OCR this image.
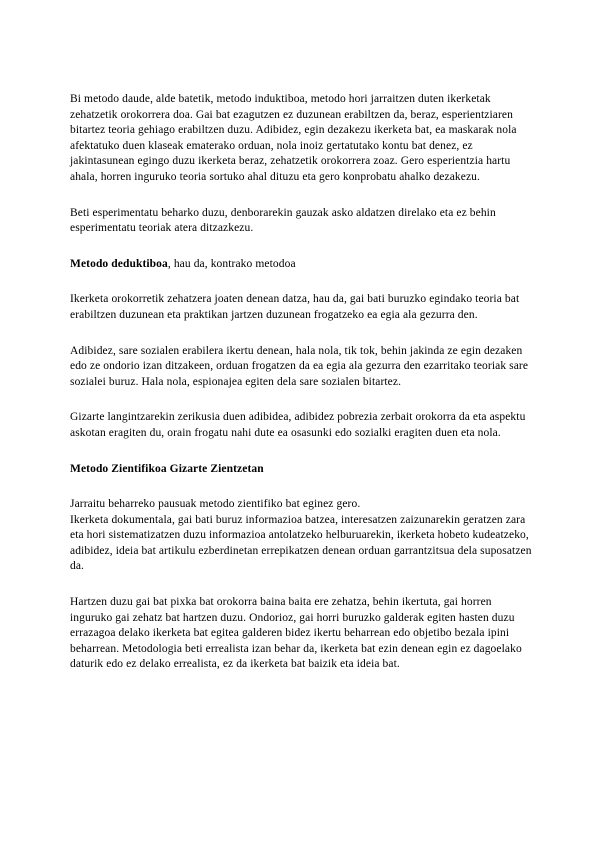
Bi metodo daude, alde batetik, metodo induktiboa, metodo hori jarraitzen duten ikerketak zehatzetik orokorrera doa. Gai bat ezagutzen ez duzunean erabiltzen da, beraz, esperientziaren bitartez teoria gehiago erabiltzen duzu. Adibidez, egin dezakezu ikerketa bat, ea maskarak nola afektatuko duen klaseak ematerako orduan, nola inoiz gertatutako kontu bat denez, ez jakintasunean egingo duzu ikerketa beraz, zehatzetik orokorrera zoaz. Gero esperientzia hartu ahala, horren inguruko teoria sortuko ahal dituzu eta gero konprobatu ahalko dezakezu.

Beti esperimentatu beharko duzu, denborarekin gauzak asko aldatzen direlako eta ez behin esperimentatu teoriak atera ditzazkezu.

Metodo deduktiboa, hau da, kontrako metodoa

Ikerketa orokorretik zehatzera joaten denean datza, hau da, gai bati buruzko egindako teoria bat erabiltzen duzunean eta praktikan jartzen duzunean frogatzeko ea egia ala gezurra den.

Adibidez, sare sozialen erabilera ikertu denean, hala nola, tik tok, behin jakinda ze egin dezaken edo ze ondorio izan ditzakeen, orduan frogatzen da ea egia ala gezurra den ezarritako teoriak sare sozialei buruz. Hala nola, espionajea egiten dela sare sozialen bitartez.

Gizarte langintzarekin zerikusia duen adibidea, adibidez pobrezia zerbait orokorra da eta aspektu askotan eragiten du, orain frogatu nahi dute ea osasunki edo sozialki eragiten duen eta nola.

Metodo Zientifikoa Gizarte Zientzetan

Jarraitu beharreko pausuak metodo zientifiko bat eginez gero.
Ikerketa dokumentala, gai bati buruz informazioa batzea, interesatzen zaizunarekin geratzen zara eta hori sistematizatzen duzu informazioa antolatzeko helburuarekin, ikerketa hobeto kudeatzeko, adibidez, ideia bat artikulu ezberdinetan errepikatzen denean orduan garrantzitsua dela suposatzen da.

Hartzen duzu gai bat pixka bat orokorra baina baita ere zehatza, behin ikertuta, gai horren inguruko gai zehatz bat hartzen duzu. Ondorioz, gai horri buruzko galderak egiten hasten duzu errazagoa delako ikerketa bat egitea galderen bidez ikertu beharrean edo objetibo bezala ipini beharrean. Metodologia beti errealista izan behar da, ikerketa bat ezin denean egin ez dagoelako daturik edo ez delako errealista, ez da ikerketa bat baizik eta ideia bat.
